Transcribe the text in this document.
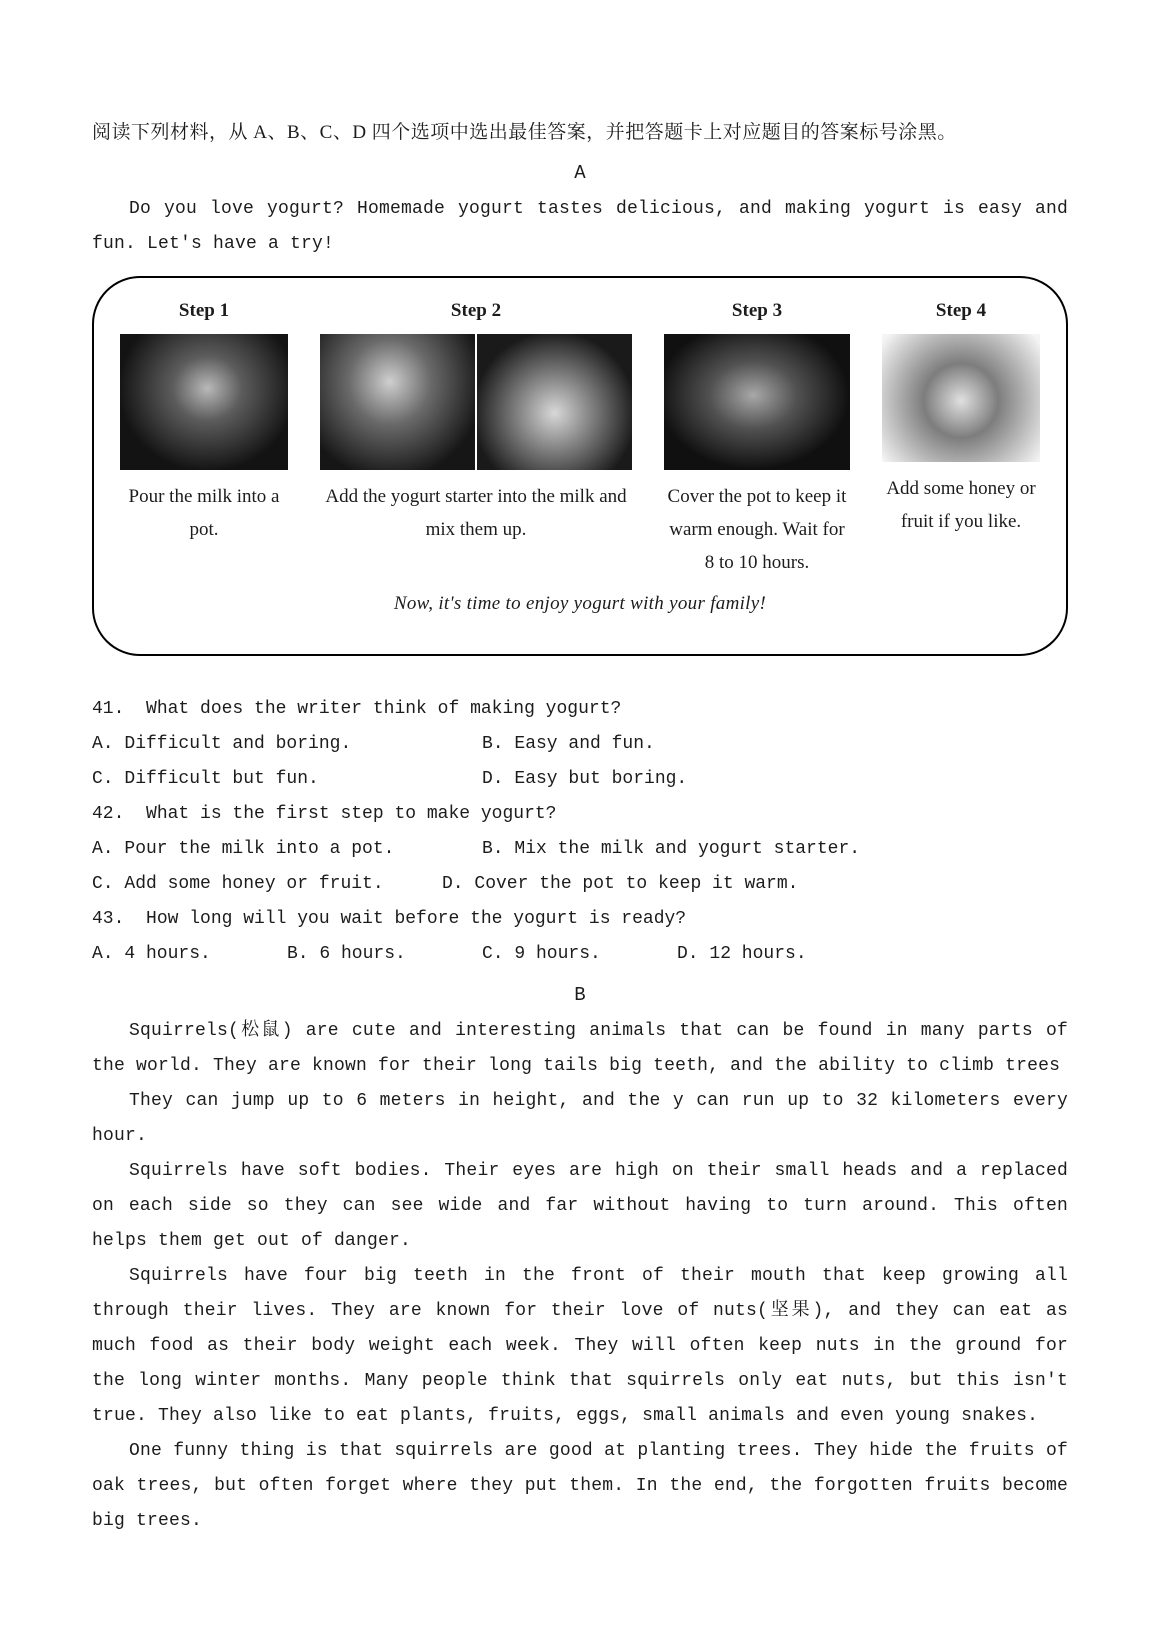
阅读下列材料，从 A、B、C、D 四个选项中选出最佳答案，并把答题卡上对应题目的答案标号涂黑。

A

Do you love yogurt? Homemade yogurt tastes delicious, and making yogurt is easy and fun. Let's have a try!

Step 1
Pour the milk into a pot.
Step 2
Add the yogurt starter into the milk and mix them up.
Step 3
Cover the pot to keep it warm enough. Wait for 8 to 10 hours.
Step 4
Add some honey or fruit if you like.
Now, it's time to enjoy yogurt with your family!

41. What does the writer think of making yogurt?

A. Difficult and boring.	B. Easy and fun.
C. Difficult but fun.	D. Easy but boring.

42. What is the first step to make yogurt?

A. Pour the milk into a pot.	B. Mix the milk and yogurt starter.
C. Add some honey or fruit.	D. Cover the pot to keep it warm.

43. How long will you wait before the yogurt is ready?

A. 4 hours.	B. 6 hours.	C. 9 hours.	D. 12 hours.
B

Squirrels(松鼠) are cute and interesting animals that can be found in many parts of the world. They are known for their long tails big teeth, and the ability to climb trees

They can jump up to 6 meters in height, and the y can run up to 32 kilometers every hour.

Squirrels have soft bodies. Their eyes are high on their small heads and a replaced on each side so they can see wide and far without having to turn around. This often helps them get out of danger.

Squirrels have four big teeth in the front of their mouth that keep growing all through their lives. They are known for their love of nuts(坚果), and they can eat as much food as their body weight each week. They will often keep nuts in the ground for the long winter months. Many people think that squirrels only eat nuts, but this isn't true. They also like to eat plants, fruits, eggs, small animals and even young snakes.

One funny thing is that squirrels are good at planting trees. They hide the fruits of oak trees, but often forget where they put them. In the end, the forgotten fruits become big trees.
